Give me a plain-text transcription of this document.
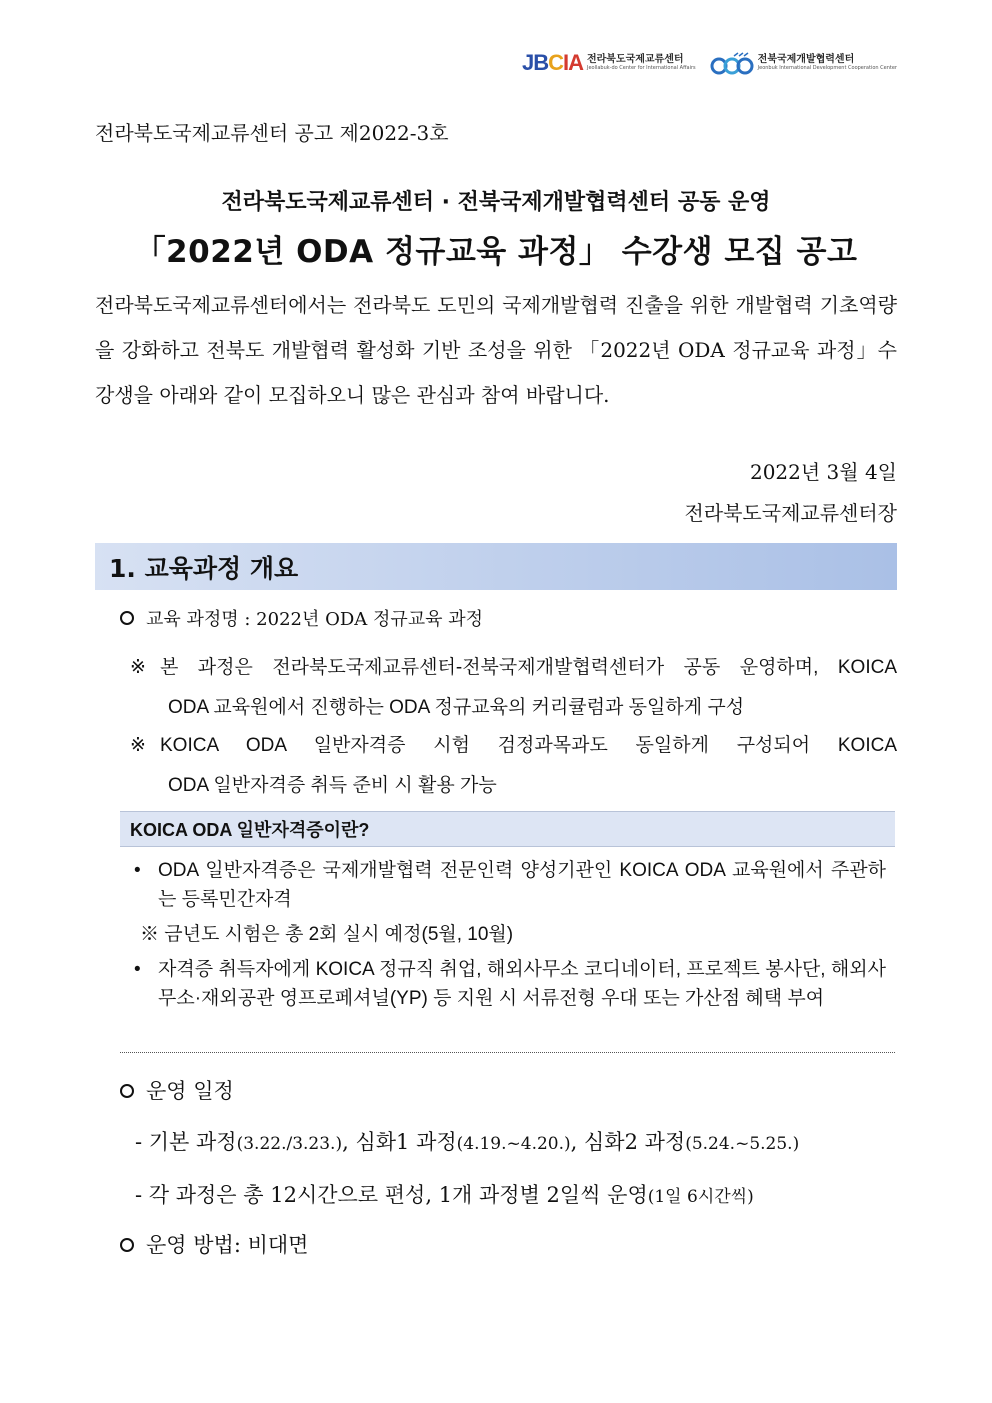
JBCIA 전라북도국제교류센터
Jeollabuk-do Center for International Affairs
전북국제개발협력센터
Jeonbuk International Development Cooperation Center
전라북도국제교류센터 공고 제2022-3호
전라북도국제교류센터 · 전북국제개발협력센터 공동 운영
「2022년 ODA 정규교육 과정」 수강생 모집 공고
전라북도국제교류센터에서는 전라북도 도민의 국제개발협력 진출을 위한 개발협력 기초역량을 강화하고 전북도 개발협력 활성화 기반 조성을 위한 「2022년 ODA 정규교육 과정」수강생을 아래와 같이 모집하오니 많은 관심과 참여 바랍니다.
2022년 3월 4일
전라북도국제교류센터장
1. 교육과정 개요
교육 과정명 : 2022년 ODA 정규교육 과정
※ 본 과정은 전라북도국제교류센터-전북국제개발협력센터가 공동 운영하며, KOICA
ODA 교육원에서 진행하는 ODA 정규교육의 커리큘럼과 동일하게 구성
※ KOICA ODA 일반자격증 시험 검정과목과도 동일하게 구성되어 KOICA
ODA 일반자격증 취득 준비 시 활용 가능
KOICA ODA 일반자격증이란?
• ODA 일반자격증은 국제개발협력 전문인력 양성기관인 KOICA ODA 교육원에서 주관하는 등록민간자격
※ 금년도 시험은 총 2회 실시 예정(5월, 10월)
• 자격증 취득자에게 KOICA 정규직 취업, 해외사무소 코디네이터, 프로젝트 봉사단, 해외사무소·재외공관 영프로페셔널(YP) 등 지원 시 서류전형 우대 또는 가산점 혜택 부여
운영 일정
- 기본 과정(3.22./3.23.), 심화1 과정(4.19.~4.20.), 심화2 과정(5.24.~5.25.)
- 각 과정은 총 12시간으로 편성, 1개 과정별 2일씩 운영(1일 6시간씩)
운영 방법: 비대면
